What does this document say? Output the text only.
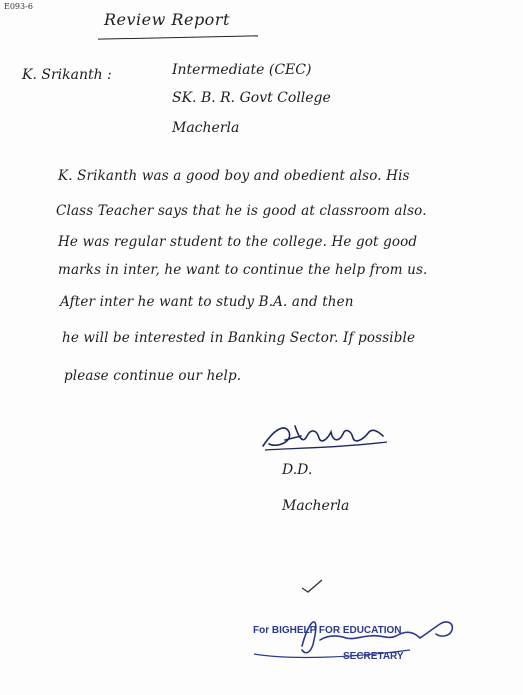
E093-6
Review Report
K. Srikanth :	Intermediate (CEC)
SK. B. R. Govt College
Macherla
K. Srikanth was a good boy and obedient also. His
Class Teacher says that he is good at classroom also.
He was regular student to the college. He got good
marks in inter, he want to continue the help from us.
After inter he want to study B.A. and then
he will be interested in Banking Sector. If possible
please continue our help.
D.D.
Macherla
For BIGHELP FOR EDUCATION
SECRETARY
